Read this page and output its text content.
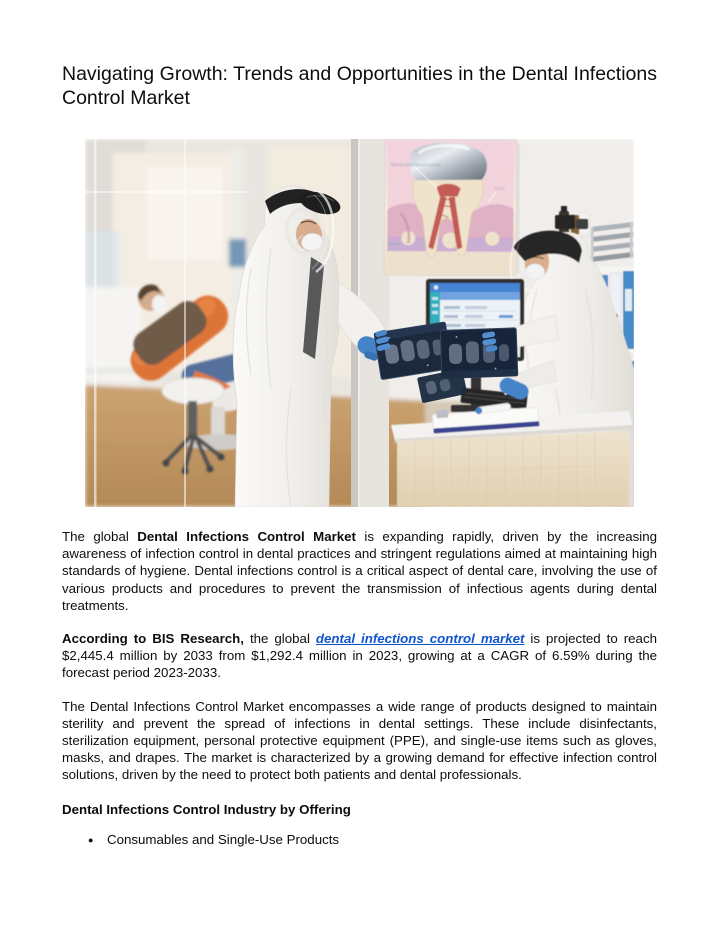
Navigating Growth: Trends and Opportunities in the Dental Infections Control Market
Nerves and blood vessels
Gum
Bone

The global Dental Infections Control Market is expanding rapidly, driven by the increasing awareness of infection control in dental practices and stringent regulations aimed at maintaining high standards of hygiene. Dental infections control is a critical aspect of dental care, involving the use of various products and procedures to prevent the transmission of infectious agents during dental treatments.

According to BIS Research, the global dental infections control market is projected to reach $2,445.4 million by 2033 from $1,292.4 million in 2023, growing at a CAGR of 6.59% during the forecast period 2023-2033.

The Dental Infections Control Market encompasses a wide range of products designed to maintain sterility and prevent the spread of infections in dental settings. These include disinfectants, sterilization equipment, personal protective equipment (PPE), and single-use items such as gloves, masks, and drapes. The market is characterized by a growing demand for effective infection control solutions, driven by the need to protect both patients and dental professionals.

Dental Infections Control Industry by Offering

● Consumables and Single-Use Products
